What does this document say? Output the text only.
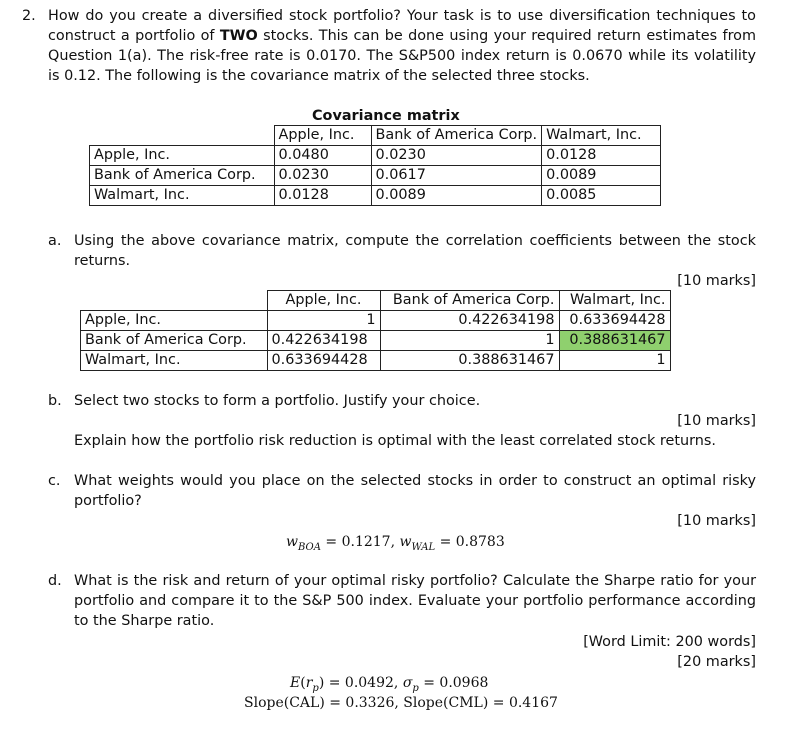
2. How do you create a diversified stock portfolio? Your task is to use diversification techniques to construct a portfolio of TWO stocks. This can be done using your required return estimates from Question 1(a). The risk-free rate is 0.0170. The S&P500 index return is 0.0670 while its volatility is 0.12. The following is the covariance matrix of the selected three stocks.
Covariance matrix
	Apple, Inc.	Bank of America Corp.	Walmart, Inc.
Apple, Inc.	0.0480	0.0230	0.0128
Bank of America Corp.	0.0230	0.0617	0.0089
Walmart, Inc.	0.0128	0.0089	0.0085
a. Using the above covariance matrix, compute the correlation coefficients between the stock returns.
[10 marks]
	Apple, Inc.	Bank of America Corp.	Walmart, Inc.
Apple, Inc.	1	0.422634198	0.633694428
Bank of America Corp.	0.422634198	1	0.388631467
Walmart, Inc.	0.633694428	0.388631467	1
b. Select two stocks to form a portfolio. Justify your choice.
[10 marks]
Explain how the portfolio risk reduction is optimal with the least correlated stock returns.
c. What weights would you place on the selected stocks in order to construct an optimal risky portfolio?
[10 marks]
$w_{BOA} = 0.1217$, $w_{WAL} = 0.8783$
d. What is the risk and return of your optimal risky portfolio? Calculate the Sharpe ratio for your portfolio and compare it to the S&P 500 index. Evaluate your portfolio performance according to the Sharpe ratio.
[Word Limit: 200 words]
[20 marks]
$E(r_p) = 0.0492$, $\sigma_p = 0.0968$
Slope(CAL) = 0.3326, Slope(CML) = 0.4167
